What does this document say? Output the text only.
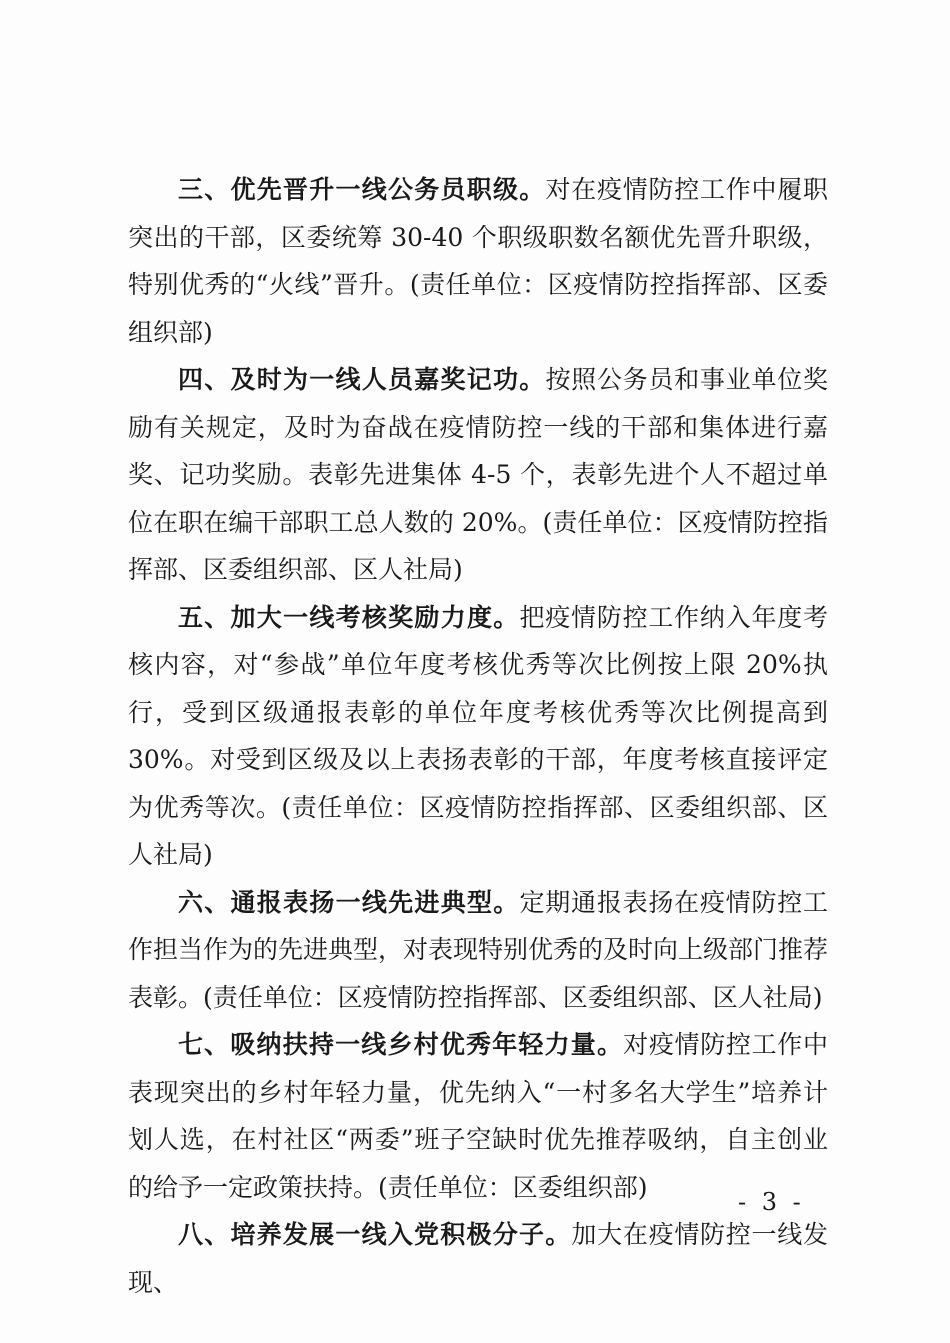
三、优先晋升一线公务员职级。对在疫情防控工作中履职突出的干部，区委统筹 30-40 个职级职数名额优先晋升职级，特别优秀的“火线”晋升。(责任单位：区疫情防控指挥部、区委组织部)

四、及时为一线人员嘉奖记功。按照公务员和事业单位奖励有关规定，及时为奋战在疫情防控一线的干部和集体进行嘉奖、记功奖励。表彰先进集体 4-5 个，表彰先进个人不超过单位在职在编干部职工总人数的 20%。(责任单位：区疫情防控指挥部、区委组织部、区人社局)

五、加大一线考核奖励力度。把疫情防控工作纳入年度考核内容，对“参战”单位年度考核优秀等次比例按上限 20%执行，受到区级通报表彰的单位年度考核优秀等次比例提高到 30%。对受到区级及以上表扬表彰的干部，年度考核直接评定为优秀等次。(责任单位：区疫情防控指挥部、区委组织部、区人社局)

六、通报表扬一线先进典型。定期通报表扬在疫情防控工作担当作为的先进典型，对表现特别优秀的及时向上级部门推荐表彰。(责任单位：区疫情防控指挥部、区委组织部、区人社局)

七、吸纳扶持一线乡村优秀年轻力量。对疫情防控工作中表现突出的乡村年轻力量，优先纳入“一村多名大学生”培养计划人选，在村社区“两委”班子空缺时优先推荐吸纳，自主创业的给予一定政策扶持。(责任单位：区委组织部)

八、培养发展一线入党积极分子。加大在疫情防控一线发现、

- 3 -
